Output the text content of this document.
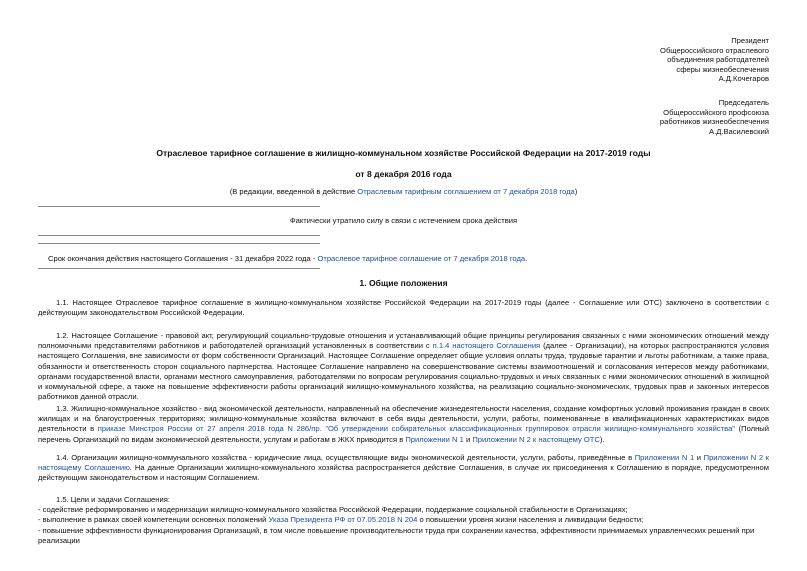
Президент
Общероссийского отраслевого
объединения работодателей
сферы жизнеобеспечения
А.Д.Кочегаров
Председатель
Общероссийского профсоюза
работников жизнеобеспечения
А.Д.Василевский
Отраслевое тарифное соглашение в жилищно-коммунальном хозяйстве Российской Федерации на 2017-2019 годы
от 8 декабря 2016 года
(В редакции, введенной в действие Отраслевым тарифным соглашением от 7 декабря 2018 года)
Фактически утратило силу в связи с истечением срока действия
Срок окончания действия настоящего Соглашения - 31 декабря 2022 года - Отраслевое тарифное соглашение от 7 декабря 2018 года.
1. Общие положения
1.1. Настоящее Отраслевое тарифное соглашение в жилищно-коммунальном хозяйстве Российской Федерации на 2017-2019 годы (далее - Соглашение или ОТС) заключено в соответствии с действующим законодательством Российской Федерации.
1.2. Настоящее Соглашение - правовой акт, регулирующий социально-трудовые отношения и устанавливающий общие принципы регулирования связанных с ними экономических отношений между полномочными представителями работников и работодателей организаций установленных в соответствии с п.1.4 настоящего Соглашения (далее - Организации), на которых распространяются условия настоящего Соглашения, вне зависимости от форм собственности Организаций. Настоящее Соглашение определяет общие условия оплаты труда, трудовые гарантии и льготы работникам, а также права, обязанности и ответственность сторон социального партнерства. Настоящее Соглашение направлено на совершенствование системы взаимоотношений и согласования интересов между работниками, органами государственной власти, органами местного самоуправления, работодателями по вопросам регулирования социально-трудовых и иных связанных с ними экономических отношений в жилищной и коммунальной сфере, а также на повышение эффективности работы организаций жилищно-коммунального хозяйства, на реализацию социально-экономических, трудовых прав и законных интересов работников данной отрасли.
1.3. Жилищно-коммунальное хозяйство - вид экономической деятельности, направленный на обеспечение жизнедеятельности населения, создание комфортных условий проживания граждан в своих жилищах и на благоустроенных территориях; жилищно-коммунальные хозяйства включают в себя виды деятельности, услуги, работы, поименованные в квалификационных характеристиках видов деятельности в приказе Минстроя России от 27 апреля 2018 года N 286/пр. "Об утверждении собирательных классификационных группировок отрасли жилищно-коммунального хозяйства" (Полный перечень Организаций по видам экономической деятельности, услугам и работам в ЖКХ приводится в Приложении N 1 и Приложении N 2 к настоящему ОТС).
1.4. Организации жилищно-коммунального хозяйства - юридические лица, осуществляющие виды экономической деятельности, услуги, работы, приведённые в Приложении N 1 и Приложении N 2 к настоящему Соглашению. На данные Организации жилищно-коммунального хозяйства распространяется действие Соглашения, в случае их присоединения к Соглашению в порядке, предусмотренном действующим законодательством и настоящим Соглашением.
1.5. Цели и задачи Соглашения:
- содействие реформированию и модернизации жилищно-коммунального хозяйства Российской Федерации, поддержание социальной стабильности в Организациях;
- выполнение в рамках своей компетенции основных положений Указа Президента РФ от 07.05.2018 N 204 о повышении уровня жизни населения и ликвидации бедности;
- повышение эффективности функционирования Организаций, в том числе повышение производительности труда при сохранении качества, эффективности принимаемых управленческих решений при реализации
